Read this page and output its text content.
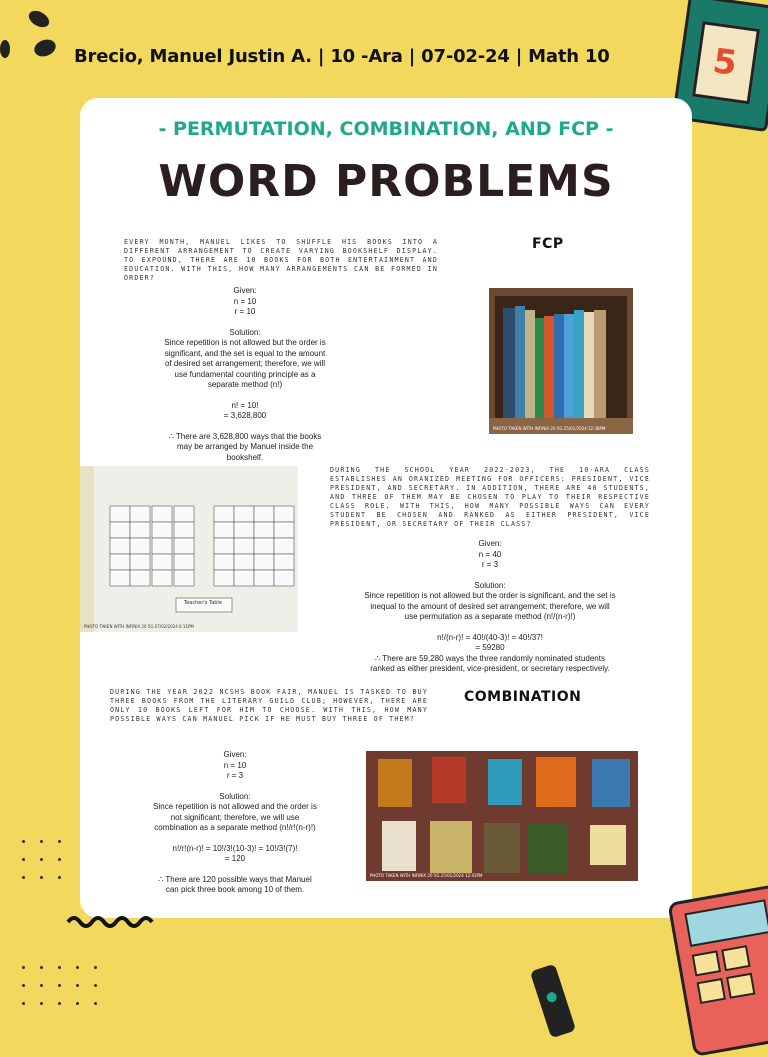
5
Brecio, Manuel Justin A. | 10 -Ara | 07-02-24 | Math 10
- PERMUTATION, COMBINATION, AND FCP -
WORD PROBLEMS
EVERY MONTH, MANUEL LIKES TO SHUFFLE HIS BOOKS INTO A DIFFERENT ARRANGEMENT TO CREATE VARYING BOOKSHELF DISPLAY. TO EXPOUND, THERE ARE 10 BOOKS FOR BOTH ENTERTAINMENT AND EDUCATION. WITH THIS, HOW MANY ARRANGEMENTS CAN BE FORMED IN ORDER?
FCP
Given:
n = 10
r = 10
Solution:
Since repetition is not allowed but the order is
significant, and the set is equal to the amount
of desired set arrangement; therefore, we will
use fundamental counting principle as a
separate method (n!)
n! = 10!
= 3,628,800
∴ There are 3,628,800 ways that the books
may be arranged by Manuel inside the
bookshelf.
PHOTO TAKEN WITH INFINIX 20 5G 25/01/2024 12:38PM
Teacher's Table
PHOTO TAKEN WITH INFINIX 20 5G 07/02/2024 6:11PM
DURING THE SCHOOL YEAR 2022-2023, THE 10-ARA CLASS ESTABLISHES AN ORANIZED MEETING FOR OFFICERS: PRESIDENT, VICE PRESIDENT, AND SECRETARY. IN ADDITION, THERE ARE 40 STUDENTS, AND THREE OF THEM MAY BE CHOSEN TO PLAY TO THEIR RESPECTIVE CLASS ROLE. WITH THIS, HOW MANY POSSIBLE WAYS CAN EVERY STUDENT BE CHOSEN AND RANKED AS EITHER PRESIDENT, VICE PRESIDENT, OR SECRETARY OF THEIR CLASS?
Given:
n = 40
r = 3
Solution:
Since repetition is not allowed but the order is significant, and the set is
inequal to the amount of desired set arrangement; therefore, we will
use permutation as a separate method (n!/(n-r)!)
n!/(n-r)! = 40!/(40-3)! = 40!/37!
= 59280
∴ There are 59,280 ways the three randomly nominated students
ranked as either president, vice-president, or secretary respectively.
DURING THE YEAR 2022 NCSHS BOOK FAIR, MANUEL IS TASKED TO BUY THREE BOOKS FROM THE LITERARY GUILD CLUB; HOWEVER, THERE ARE ONLY 10 BOOKS LEFT FOR HIM TO CHOOSE. WITH THIS, HOW MANY POSSIBLE WAYS CAN MANUEL PICK IF HE MUST BUY THREE OF THEM?
COMBINATION
Given:
n = 10
r = 3
Solution:
Since repetition is not allowed and the order is
not significant; therefore, we will use
combination as a separate method (n!/r!(n-r)!)
n!/r!(n-r)! = 10!/3!(10-3)! = 10!/3!(7)!
= 120
∴ There are 120 possible ways that Manuel
can pick three book among 10 of them.
PHOTO TAKEN WITH INFINIX 20 5G 25/01/2024 12:41PM
